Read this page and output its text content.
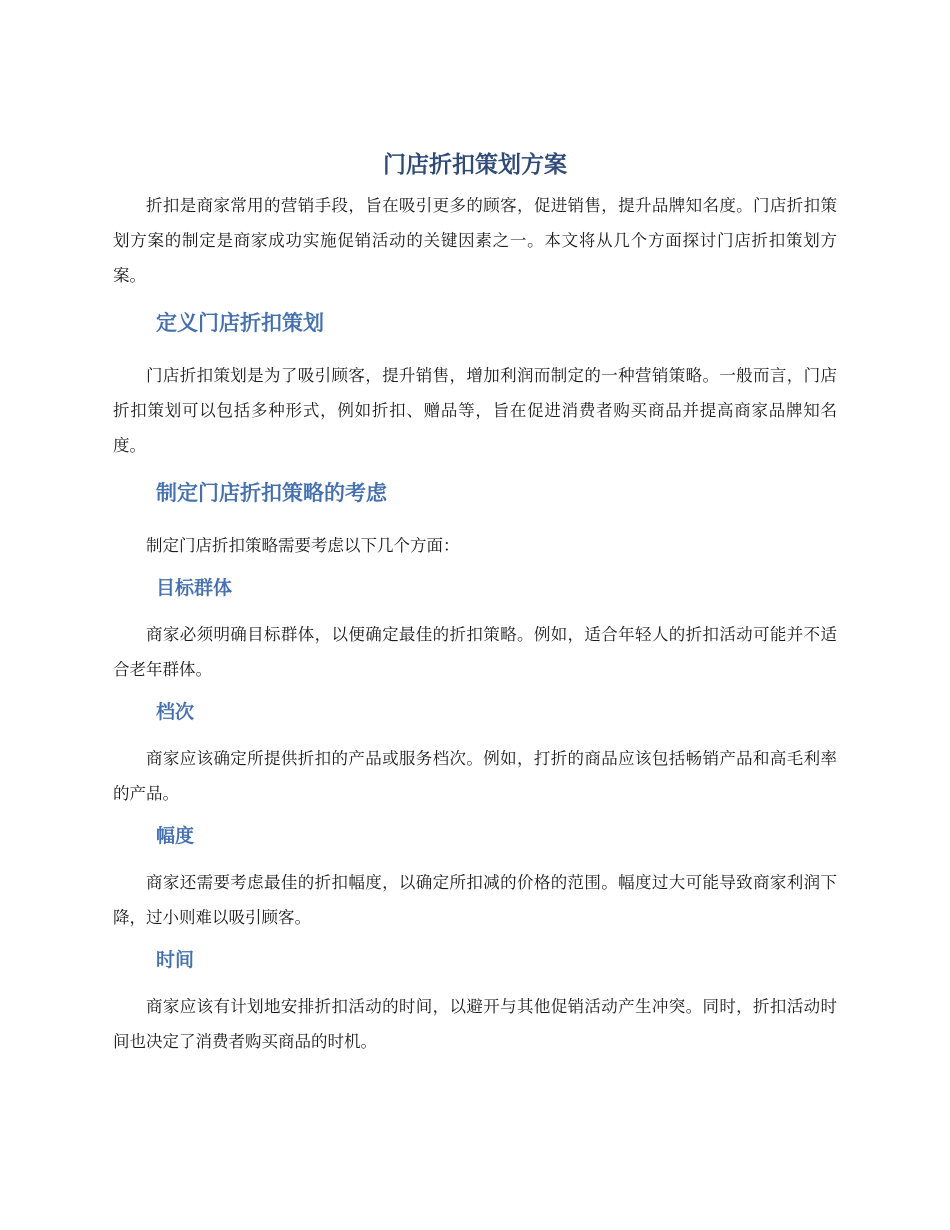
门店折扣策划方案

折扣是商家常用的营销手段，旨在吸引更多的顾客，促进销售，提升品牌知名度。门店折扣策划方案的制定是商家成功实施促销活动的关键因素之一。本文将从几个方面探讨门店折扣策划方案。

定义门店折扣策划

门店折扣策划是为了吸引顾客，提升销售，增加利润而制定的一种营销策略。一般而言，门店折扣策划可以包括多种形式，例如折扣、赠品等，旨在促进消费者购买商品并提高商家品牌知名度。

制定门店折扣策略的考虑

制定门店折扣策略需要考虑以下几个方面：

目标群体

商家必须明确目标群体，以便确定最佳的折扣策略。例如，适合年轻人的折扣活动可能并不适合老年群体。

档次

商家应该确定所提供折扣的产品或服务档次。例如，打折的商品应该包括畅销产品和高毛利率的产品。

幅度

商家还需要考虑最佳的折扣幅度，以确定所扣减的价格的范围。幅度过大可能导致商家利润下降，过小则难以吸引顾客。

时间

商家应该有计划地安排折扣活动的时间，以避开与其他促销活动产生冲突。同时，折扣活动时间也决定了消费者购买商品的时机。
